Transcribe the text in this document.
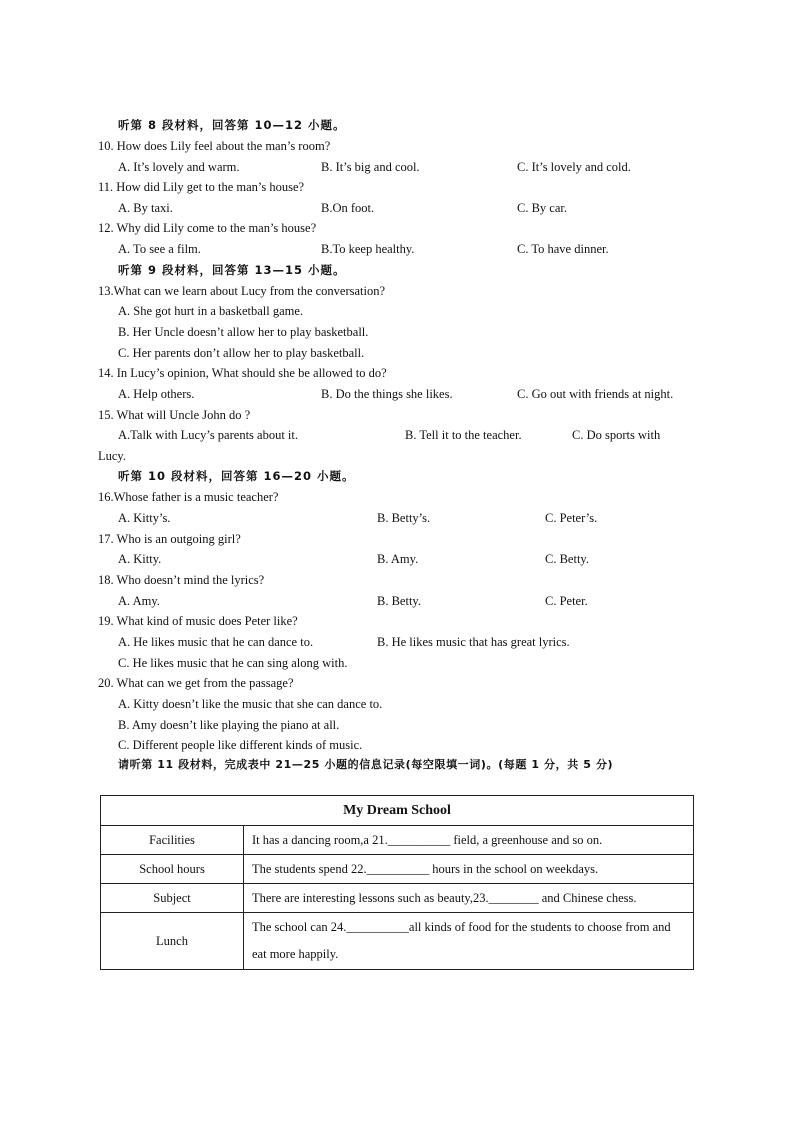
听第 8 段材料，回答第 10—12 小题。
10. How does Lily feel about the man’s room?
A. It’s lovely and warm.	B. It’s big and cool.	C. It’s lovely and cold.
11. How did Lily get to the man’s house?
A. By taxi.	B.On foot.	C. By car.
12. Why did Lily come to the man’s house?
A. To see a film.	B.To keep healthy.	C. To have dinner.
听第 9 段材料，回答第 13—15 小题。
13.What can we learn about Lucy from the conversation?
A. She got hurt in a basketball game.
B. Her Uncle doesn’t allow her to play basketball.
C. Her parents don’t allow her to play basketball.
14. In Lucy’s opinion, What should she be allowed to do?
A. Help others.	B. Do the things she likes.	C. Go out with friends at night.
15. What will Uncle John do ?
A.Talk with Lucy’s parents about it.	B. Tell it to the teacher.	C. Do sports with
Lucy.
听第 10 段材料，回答第 16—20 小题。
16.Whose father is a music teacher?
A. Kitty’s.	B. Betty’s.	C. Peter’s.
17. Who is an outgoing girl?
A. Kitty.	B. Amy.	C. Betty.
18. Who doesn’t mind the lyrics?
A. Amy.	B. Betty.	C. Peter.
19. What kind of music does Peter like?
A. He likes music that he can dance to.	B. He likes music that has great lyrics.
C. He likes music that he can sing along with.
20. What can we get from the passage?
A. Kitty doesn’t like the music that she can dance to.
B. Amy doesn’t like playing the piano at all.
C. Different people like different kinds of music.
请听第 11 段材料，完成表中 21—25 小题的信息记录(每空限填一词)。(每题 1 分，共 5 分)
My Dream School	
Facilities	It has a dancing room,a 21.__________ field, a greenhouse and so on.
School hours	The students spend 22.__________ hours in the school on weekdays.
Subject	There are interesting lessons such as beauty,23.________ and Chinese chess.
Lunch	The school can 24.__________all kinds of food for the students to choose from and eat more happily.
